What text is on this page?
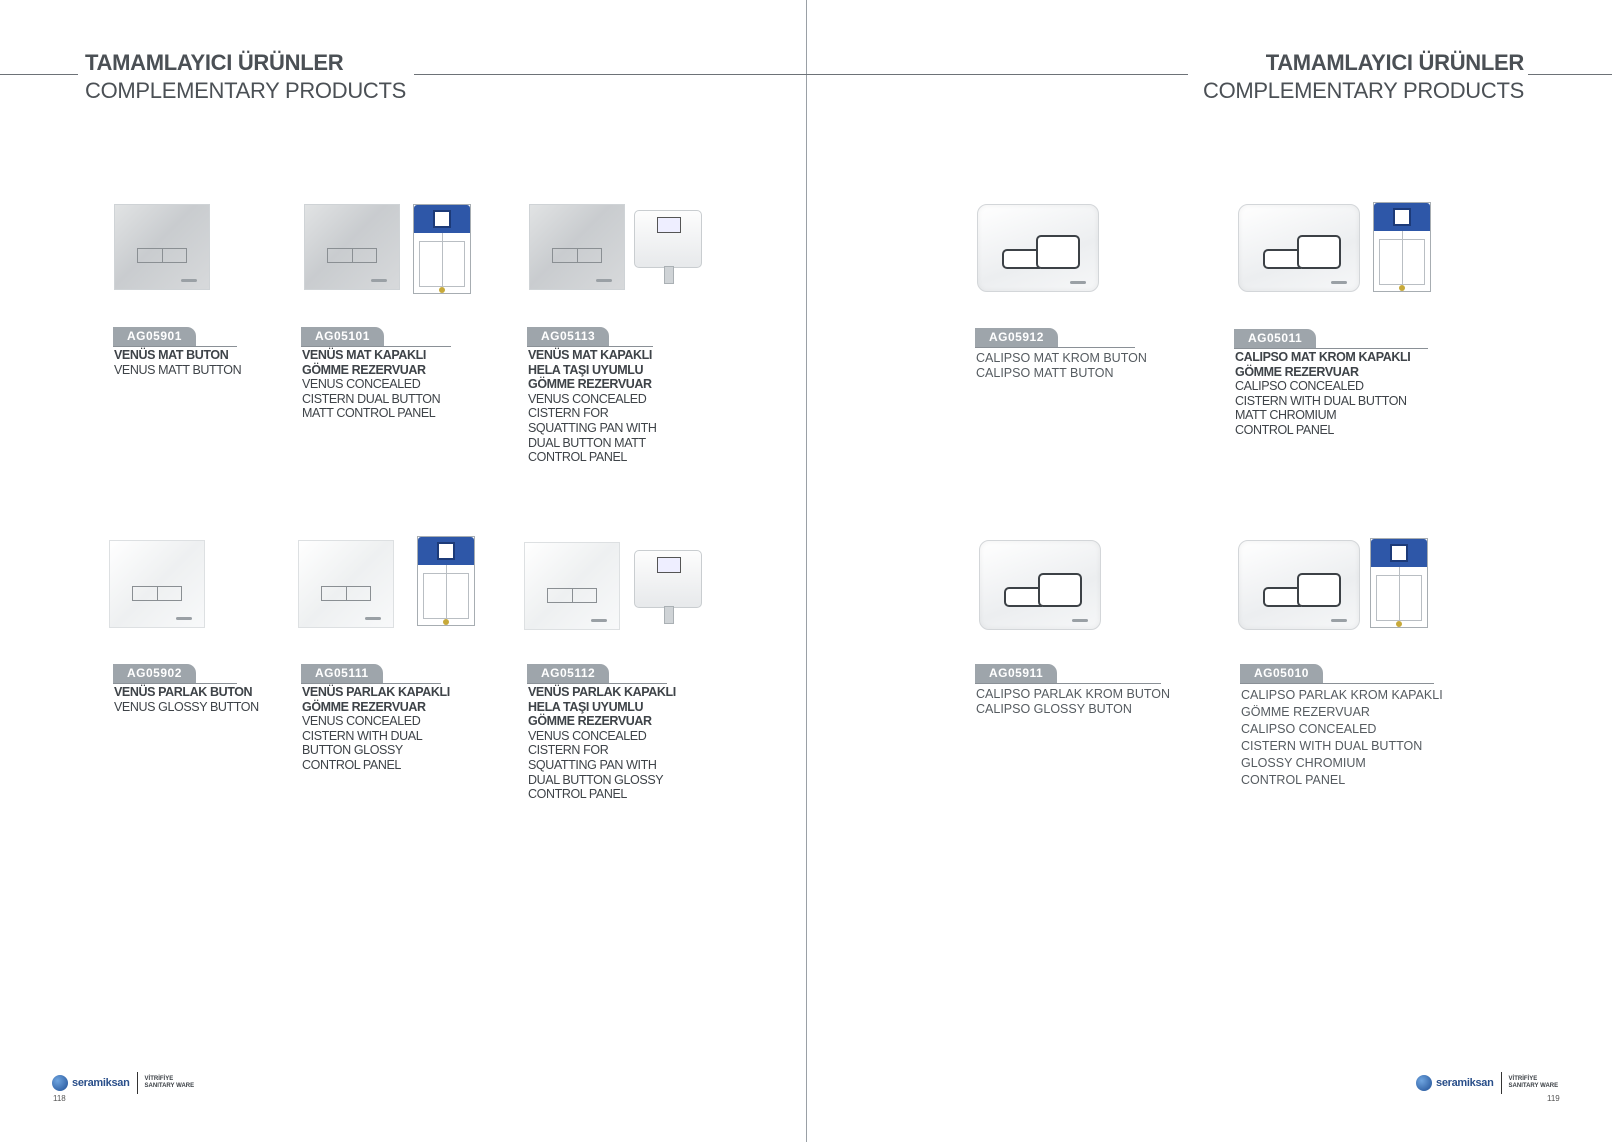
TAMAMLAYICI ÜRÜNLER
COMPLEMENTARY PRODUCTS
AG05901
VENÜS MAT BUTON
VENUS MATT BUTTON
AG05101
VENÜS MAT KAPAKLI
GÖMME REZERVUAR
VENUS CONCEALED
CISTERN DUAL BUTTON
MATT CONTROL PANEL
AG05113
VENÜS MAT KAPAKLI
HELA TAŞI UYUMLU
GÖMME REZERVUAR
VENUS CONCEALED
CISTERN FOR
SQUATTING PAN WITH
DUAL BUTTON MATT
CONTROL PANEL
AG05902
VENÜS PARLAK BUTON
VENUS GLOSSY BUTTON
AG05111
VENÜS PARLAK KAPAKLI
GÖMME REZERVUAR
VENUS CONCEALED
CISTERN WITH DUAL
BUTTON GLOSSY
CONTROL PANEL
AG05112
VENÜS PARLAK KAPAKLI
HELA TAŞI UYUMLU
GÖMME REZERVUAR
VENUS CONCEALED
CISTERN FOR
SQUATTING PAN WITH
DUAL BUTTON GLOSSY
CONTROL PANEL
seramiksan	VİTRİFİYE
SANITARY WARE
118
TAMAMLAYICI ÜRÜNLER
COMPLEMENTARY PRODUCTS
AG05912
CALIPSO MAT KROM BUTON
CALIPSO MATT BUTON
AG05011
CALIPSO MAT KROM KAPAKLI
GÖMME REZERVUAR
CALIPSO CONCEALED
CISTERN WITH DUAL BUTTON
MATT CHROMIUM
CONTROL PANEL
AG05911
CALIPSO PARLAK KROM BUTON
CALIPSO GLOSSY BUTON
AG05010
CALIPSO PARLAK KROM KAPAKLI
GÖMME REZERVUAR
CALIPSO CONCEALED
CISTERN WITH DUAL BUTTON
GLOSSY CHROMIUM
CONTROL PANEL
seramiksan	VİTRİFİYE
SANITARY WARE
119
